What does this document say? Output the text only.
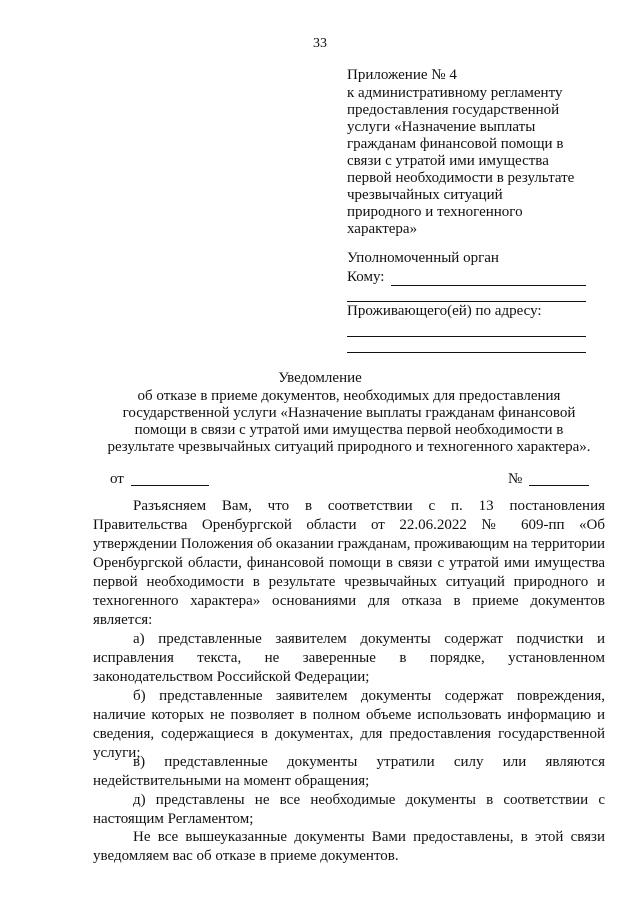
33
Приложение № 4
к административному регламенту
предоставления государственной
услуги «Назначение выплаты
гражданам финансовой помощи в
связи с утратой ими имущества
первой необходимости в результате
чрезвычайных ситуаций
природного и техногенного
характера»
Уполномоченный орган
Кому:
Проживающего(ей) по адресу:
Уведомление
об отказе в приеме документов, необходимых для предоставления
государственной услуги «Назначение выплаты гражданам финансовой
помощи в связи с утратой ими имущества первой необходимости в
результате чрезвычайных ситуаций природного и техногенного характера».
от	№
Разъясняем Вам, что в соответствии с п. 13 постановления Правительства Оренбургской области от 22.06.2022 № 609-пп «Об утверждении Положения об оказании гражданам, проживающим на территории Оренбургской области, финансовой помощи в связи с утратой ими имущества первой необходимости в результате чрезвычайных ситуаций природного и техногенного характера» основаниями для отказа в приеме документов является:
а) представленные заявителем документы содержат подчистки и исправления текста, не заверенные в порядке, установленном законодательством Российской Федерации;
б) представленные заявителем документы содержат повреждения, наличие которых не позволяет в полном объеме использовать информацию и сведения, содержащиеся в документах, для предоставления государственной услуги;
в) представленные документы утратили силу или являются недействительными на момент обращения;
д) представлены не все необходимые документы в соответствии с настоящим Регламентом;
Не все вышеуказанные документы Вами предоставлены, в этой связи уведомляем вас об отказе в приеме документов.
